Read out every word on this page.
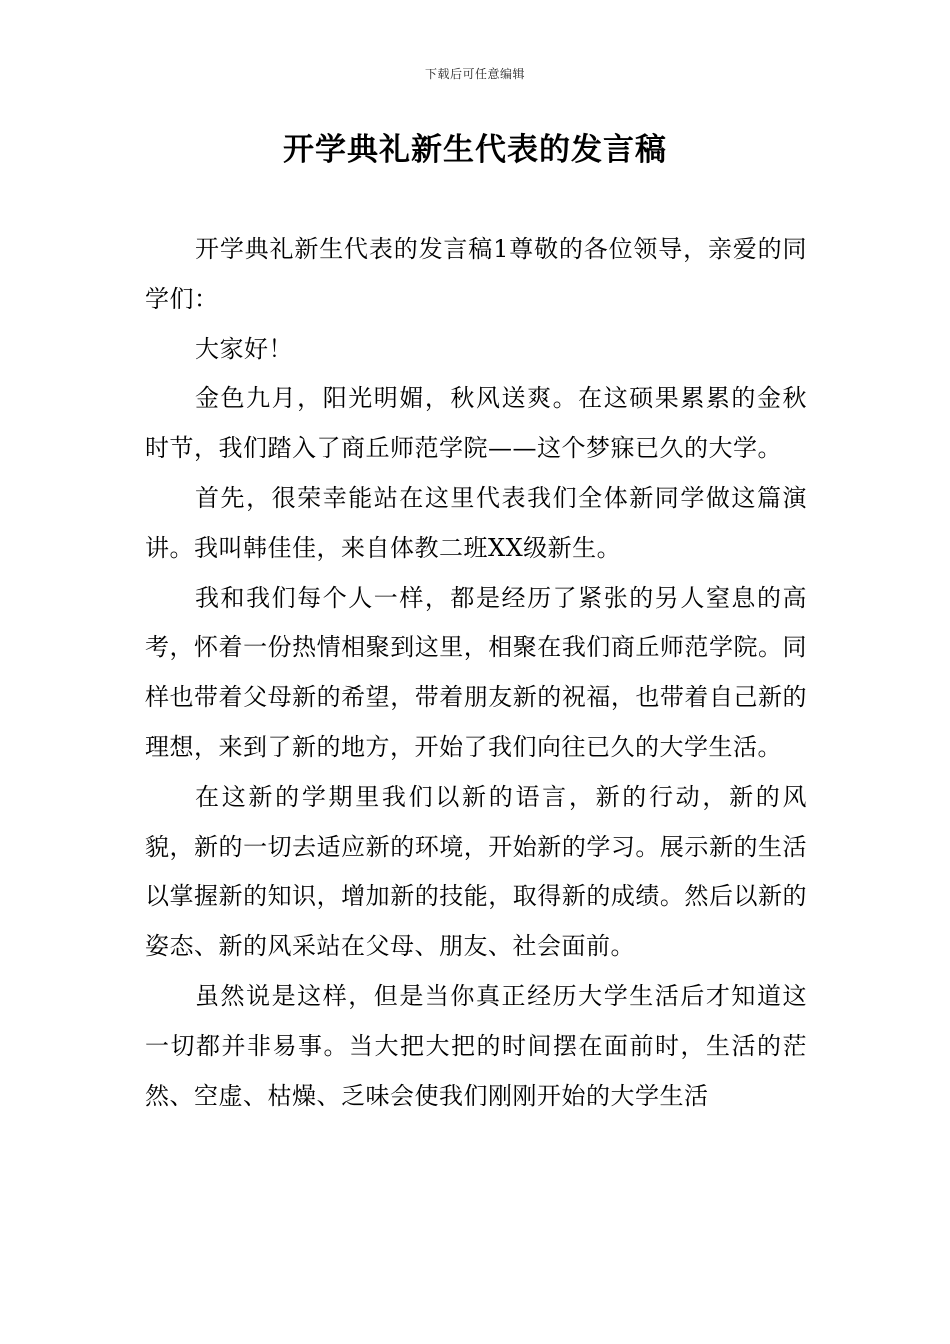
下载后可任意编辑
开学典礼新生代表的发言稿

开学典礼新生代表的发言稿1尊敬的各位领导，亲爱的同学们：

大家好！

金色九月，阳光明媚，秋风送爽。在这硕果累累的金秋时节，我们踏入了商丘师范学院——这个梦寐已久的大学。

首先，很荣幸能站在这里代表我们全体新同学做这篇演讲。我叫韩佳佳，来自体教二班XX级新生。

我和我们每个人一样，都是经历了紧张的另人窒息的高考，怀着一份热情相聚到这里，相聚在我们商丘师范学院。同样也带着父母新的希望，带着朋友新的祝福，也带着自己新的理想，来到了新的地方，开始了我们向往已久的大学生活。

在这新的学期里我们以新的语言，新的行动，新的风貌，新的一切去适应新的环境，开始新的学习。展示新的生活以掌握新的知识，增加新的技能，取得新的成绩。然后以新的姿态、新的风采站在父母、朋友、社会面前。

虽然说是这样，但是当你真正经历大学生活后才知道这一切都并非易事。当大把大把的时间摆在面前时，生活的茫然、空虚、枯燥、乏味会使我们刚刚开始的大学生活
